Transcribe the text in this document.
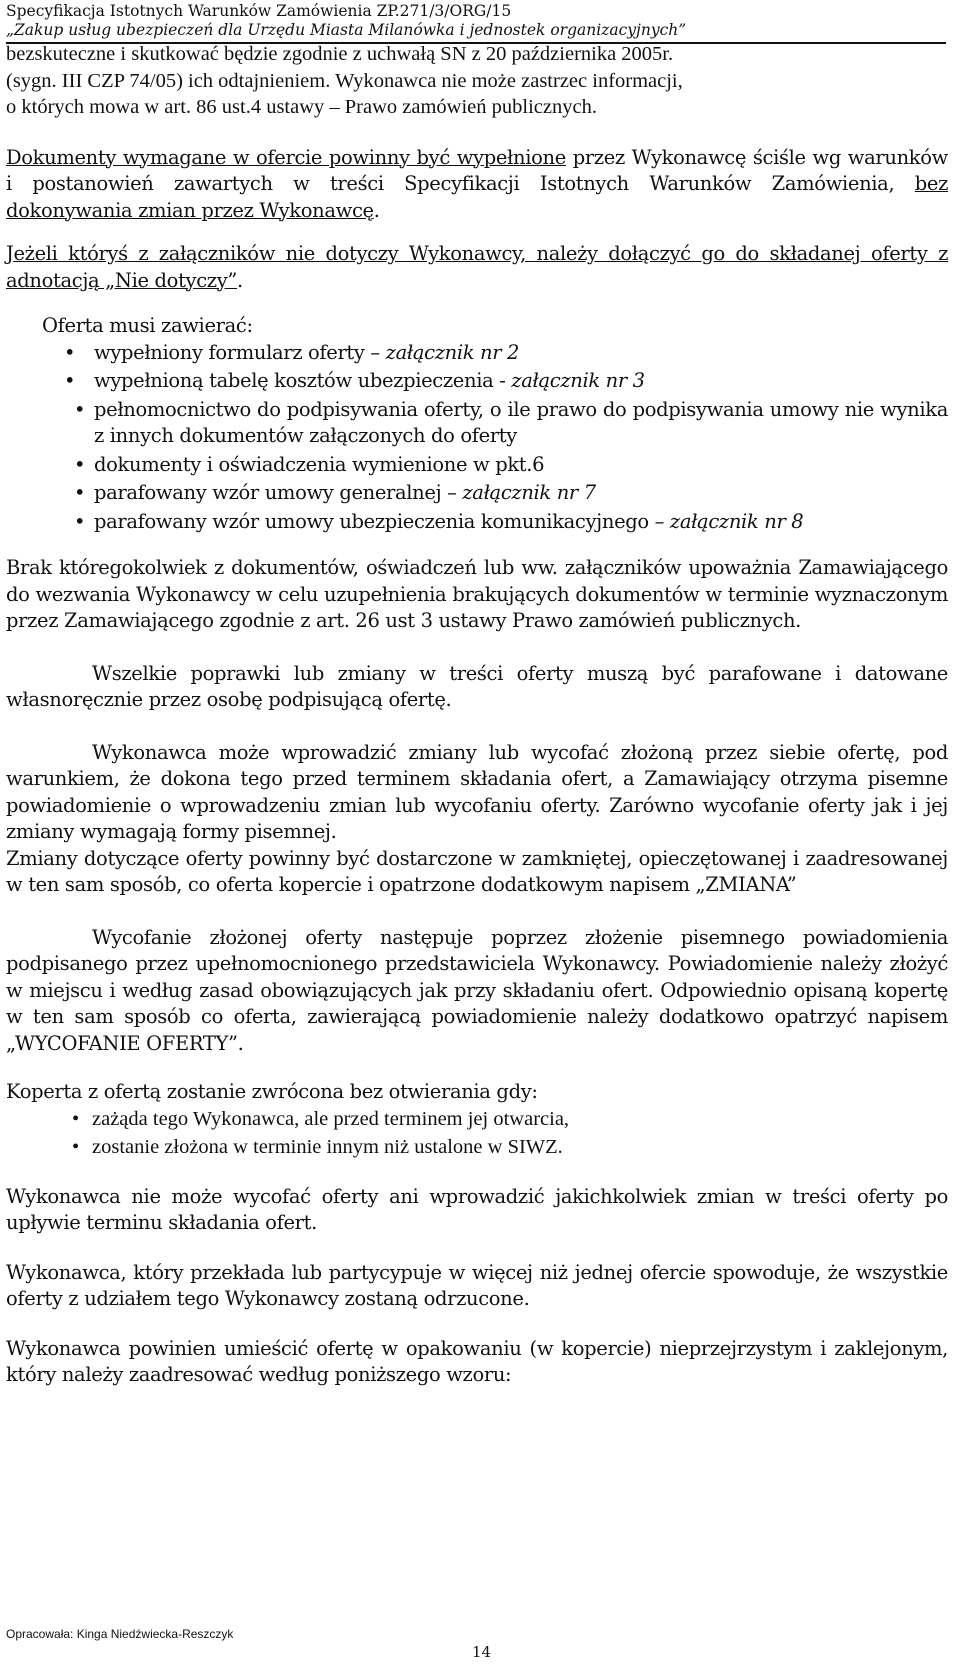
Specyfikacja Istotnych Warunków Zamówienia ZP.271/3/ORG/15
„Zakup usług ubezpieczeń dla Urzędu Miasta Milanówka i jednostek organizacyjnych”

bezskuteczne i skutkować będzie zgodnie z uchwałą SN z 20 października 2005r.
(sygn. III CZP 74/05) ich odtajnieniem. Wykonawca nie może zastrzec informacji,
o których mowa w art. 86 ust.4 ustawy – Prawo zamówień publicznych.

Dokumenty wymagane w ofercie powinny być wypełnione przez Wykonawcę ściśle wg warunków i postanowień zawartych w treści Specyfikacji Istotnych Warunków Zamówienia, bez dokonywania zmian przez Wykonawcę.

Jeżeli któryś z załączników nie dotyczy Wykonawcy, należy dołączyć go do składanej oferty z adnotacją „Nie dotyczy”.

Oferta musi zawierać:

• wypełniony formularz oferty – załącznik nr 2

• wypełnioną tabelę kosztów ubezpieczenia - załącznik nr 3

• pełnomocnictwo do podpisywania oferty, o ile prawo do podpisywania umowy nie wynika z innych dokumentów załączonych do oferty

• dokumenty i oświadczenia wymienione w pkt.6

• parafowany wzór umowy generalnej – załącznik nr 7

• parafowany wzór umowy ubezpieczenia komunikacyjnego – załącznik nr 8

Brak któregokolwiek z dokumentów, oświadczeń lub ww. załączników upoważnia Zamawiającego do wezwania Wykonawcy w celu uzupełnienia brakujących dokumentów w terminie wyznaczonym przez Zamawiającego zgodnie z art. 26 ust 3 ustawy Prawo zamówień publicznych.

Wszelkie poprawki lub zmiany w treści oferty muszą być parafowane i datowane własnoręcznie przez osobę podpisującą ofertę.

Wykonawca może wprowadzić zmiany lub wycofać złożoną przez siebie ofertę, pod warunkiem, że dokona tego przed terminem składania ofert, a Zamawiający otrzyma pisemne powiadomienie o wprowadzeniu zmian lub wycofaniu oferty. Zarówno wycofanie oferty jak i jej zmiany wymagają formy pisemnej.

Zmiany dotyczące oferty powinny być dostarczone w zamkniętej, opieczętowanej i zaadresowanej w ten sam sposób, co oferta kopercie i opatrzone dodatkowym napisem „ZMIANA”

Wycofanie złożonej oferty następuje poprzez złożenie pisemnego powiadomienia podpisanego przez upełnomocnionego przedstawiciela Wykonawcy. Powiadomienie należy złożyć w miejscu i według zasad obowiązujących jak przy składaniu ofert. Odpowiednio opisaną kopertę w ten sam sposób co oferta, zawierającą powiadomienie należy dodatkowo opatrzyć napisem „WYCOFANIE OFERTY”.

Koperta z ofertą zostanie zwrócona bez otwierania gdy:

• zażąda tego Wykonawca, ale przed terminem jej otwarcia,

• zostanie złożona w terminie innym niż ustalone w SIWZ.

Wykonawca nie może wycofać oferty ani wprowadzić jakichkolwiek zmian w treści oferty po upływie terminu składania ofert.

Wykonawca, który przekłada lub partycypuje w więcej niż jednej ofercie spowoduje, że wszystkie oferty z udziałem tego Wykonawcy zostaną odrzucone.

Wykonawca powinien umieścić ofertę w opakowaniu (w kopercie) nieprzejrzystym i zaklejonym, który należy zaadresować według poniższego wzoru:

Opracowała: Kinga Niedźwiecka-Reszczyk
14
